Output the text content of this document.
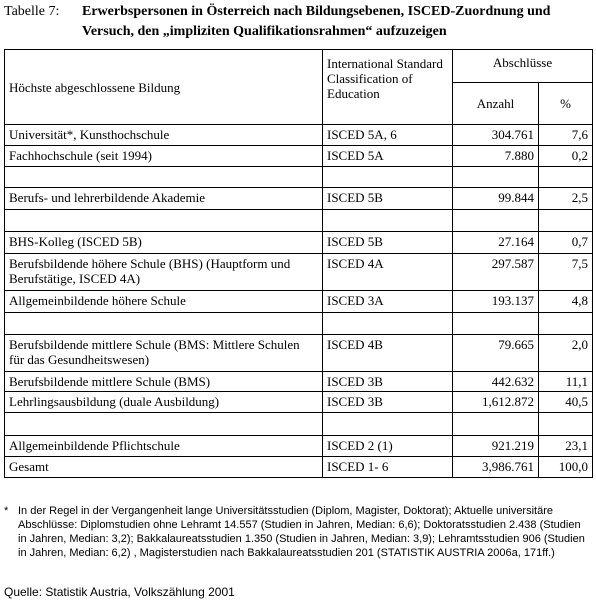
Tabelle 7: Erwerbspersonen in Österreich nach Bildungsebenen, ISCED-Zuordnung und Versuch, den „impliziten Qualifikationsrahmen“ aufzuzeigen
Höchste abgeschlossene Bildung	International Standard Classification of Education	Abschlüsse	
		Anzahl	%
Universität*, Kunsthochschule	ISCED 5A, 6	304.761	7,6
Fachhochschule (seit 1994)	ISCED 5A	7.880	0,2

Berufs- und lehrerbildende Akademie	ISCED 5B	99.844	2,5

BHS-Kolleg (ISCED 5B)	ISCED 5B	27.164	0,7
Berufsbildende höhere Schule (BHS) (Hauptform und Berufstätige, ISCED 4A)	ISCED 4A	297.587	7,5
Allgemeinbildende höhere Schule	ISCED 3A	193.137	4,8

Berufsbildende mittlere Schule (BMS: Mittlere Schulen für das Gesundheitswesen)	ISCED 4B	79.665	2,0
Berufsbildende mittlere Schule (BMS)	ISCED 3B	442.632	11,1
Lehrlingsausbildung (duale Ausbildung)	ISCED 3B	1,612.872	40,5

Allgemeinbildende Pflichtschule	ISCED 2 (1)	921.219	23,1
Gesamt	ISCED 1- 6	3,986.761	100,0
* In der Regel in der Vergangenheit lange Universitätsstudien (Diplom, Magister, Doktorat); Aktuelle universitäre Abschlüsse: Diplomstudien ohne Lehramt 14.557 (Studien in Jahren, Median: 6,6); Doktoratsstudien 2.438 (Studien in Jahren, Median: 3,2); Bakkalaureatsstudien 1.350 (Studien in Jahren, Median: 3,9); Lehramtsstudien 906 (Studien in Jahren, Median: 6,2) , Magisterstudien nach Bakkalaureatsstudien 201 (STATISTIK AUSTRIA 2006a, 171ff.)
Quelle: Statistik Austria, Volkszählung 2001
